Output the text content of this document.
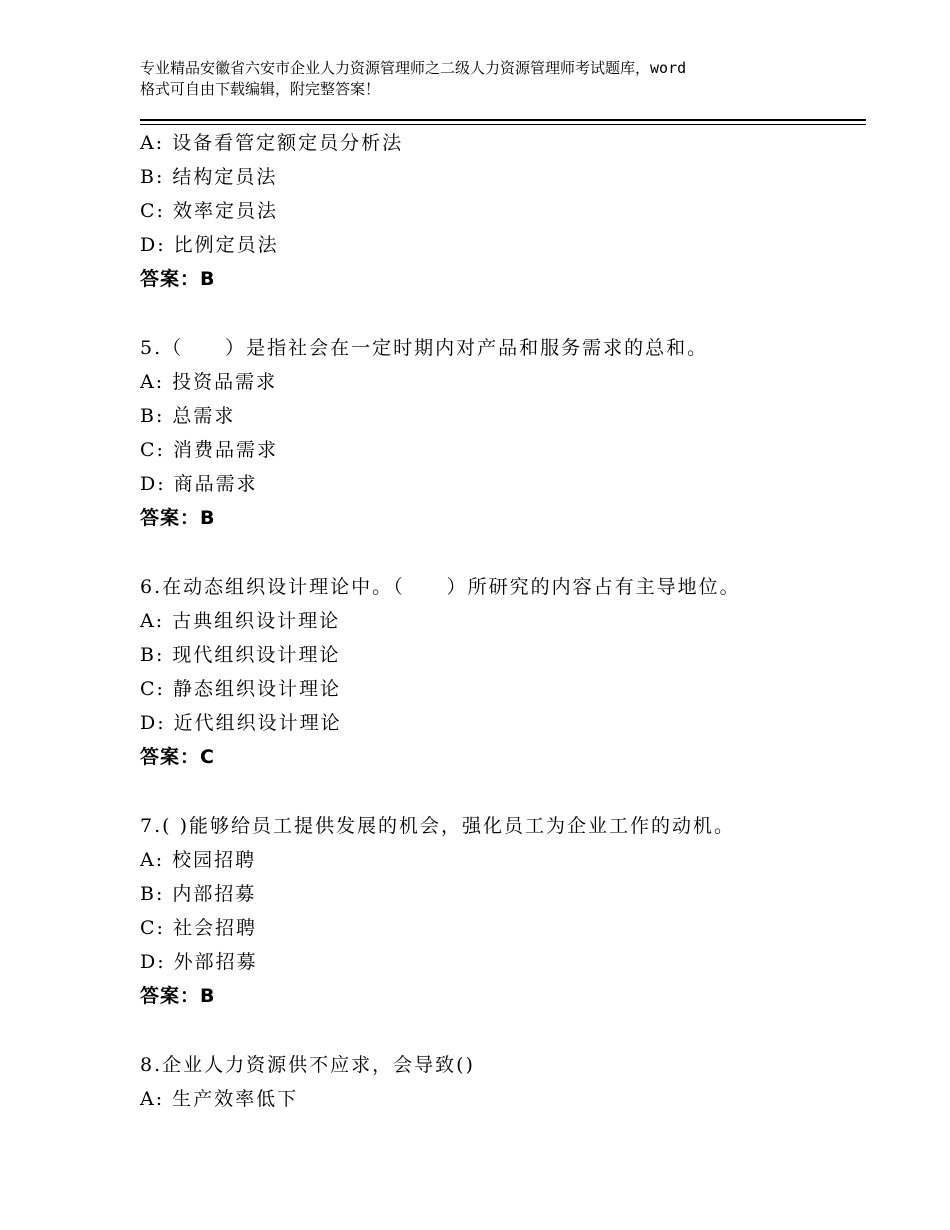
专业精品安徽省六安市企业人力资源管理师之二级人力资源管理师考试题库，word
格式可自由下载编辑，附完整答案！
A: 设备看管定额定员分析法
B: 结构定员法
C: 效率定员法
D: 比例定员法
答案：B
5.（　　）是指社会在一定时期内对产品和服务需求的总和。
A: 投资品需求
B: 总需求
C: 消费品需求
D: 商品需求
答案：B
6.在动态组织设计理论中。（　　）所研究的内容占有主导地位。
A: 古典组织设计理论
B: 现代组织设计理论
C: 静态组织设计理论
D: 近代组织设计理论
答案：C
7.( )能够给员工提供发展的机会，强化员工为企业工作的动机。
A: 校园招聘
B: 内部招募
C: 社会招聘
D: 外部招募
答案：B
8.企业人力资源供不应求，会导致()
A: 生产效率低下
